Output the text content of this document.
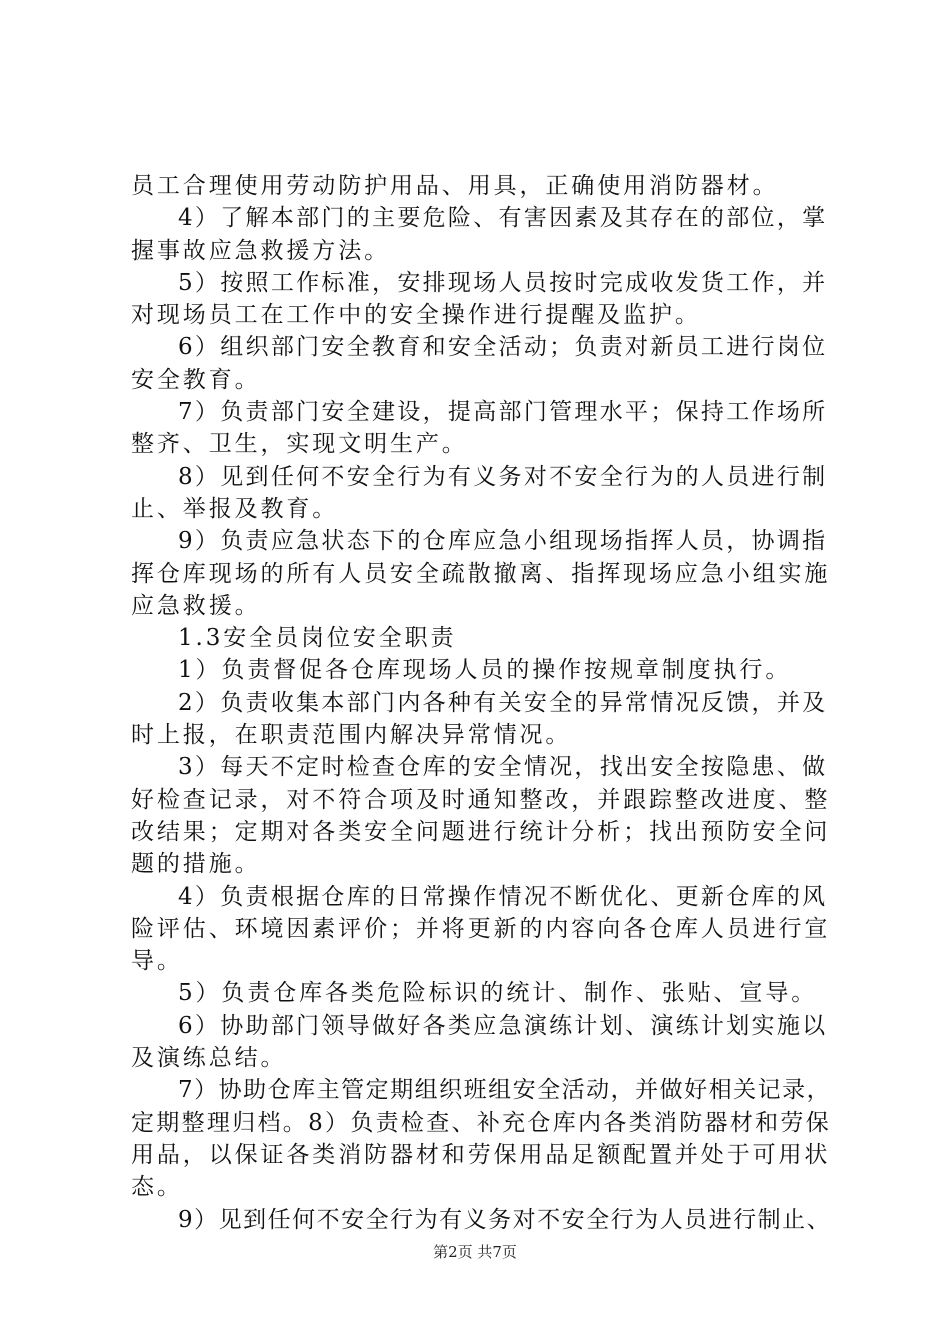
员工合理使用劳动防护用品、用具，正确使用消防器材。
4）了解本部门的主要危险、有害因素及其存在的部位，掌
握事故应急救援方法。
5）按照工作标准，安排现场人员按时完成收发货工作，并
对现场员工在工作中的安全操作进行提醒及监护。
6）组织部门安全教育和安全活动；负责对新员工进行岗位
安全教育。
7）负责部门安全建设，提高部门管理水平；保持工作场所
整齐、卫生，实现文明生产。
8）见到任何不安全行为有义务对不安全行为的人员进行制
止、举报及教育。
9）负责应急状态下的仓库应急小组现场指挥人员，协调指
挥仓库现场的所有人员安全疏散撤离、指挥现场应急小组实施
应急救援。
1.3安全员岗位安全职责
1）负责督促各仓库现场人员的操作按规章制度执行。
2）负责收集本部门内各种有关安全的异常情况反馈，并及
时上报，在职责范围内解决异常情况。
3）每天不定时检查仓库的安全情况，找出安全按隐患、做
好检查记录，对不符合项及时通知整改，并跟踪整改进度、整
改结果；定期对各类安全问题进行统计分析；找出预防安全问
题的措施。
4）负责根据仓库的日常操作情况不断优化、更新仓库的风
险评估、环境因素评价；并将更新的内容向各仓库人员进行宣
导。
5）负责仓库各类危险标识的统计、制作、张贴、宣导。
6）协助部门领导做好各类应急演练计划、演练计划实施以
及演练总结。
7）协助仓库主管定期组织班组安全活动，并做好相关记录，
定期整理归档。8）负责检查、补充仓库内各类消防器材和劳保
用品，以保证各类消防器材和劳保用品足额配置并处于可用状
态。
9）见到任何不安全行为有义务对不安全行为人员进行制止、
第2页 共7页
